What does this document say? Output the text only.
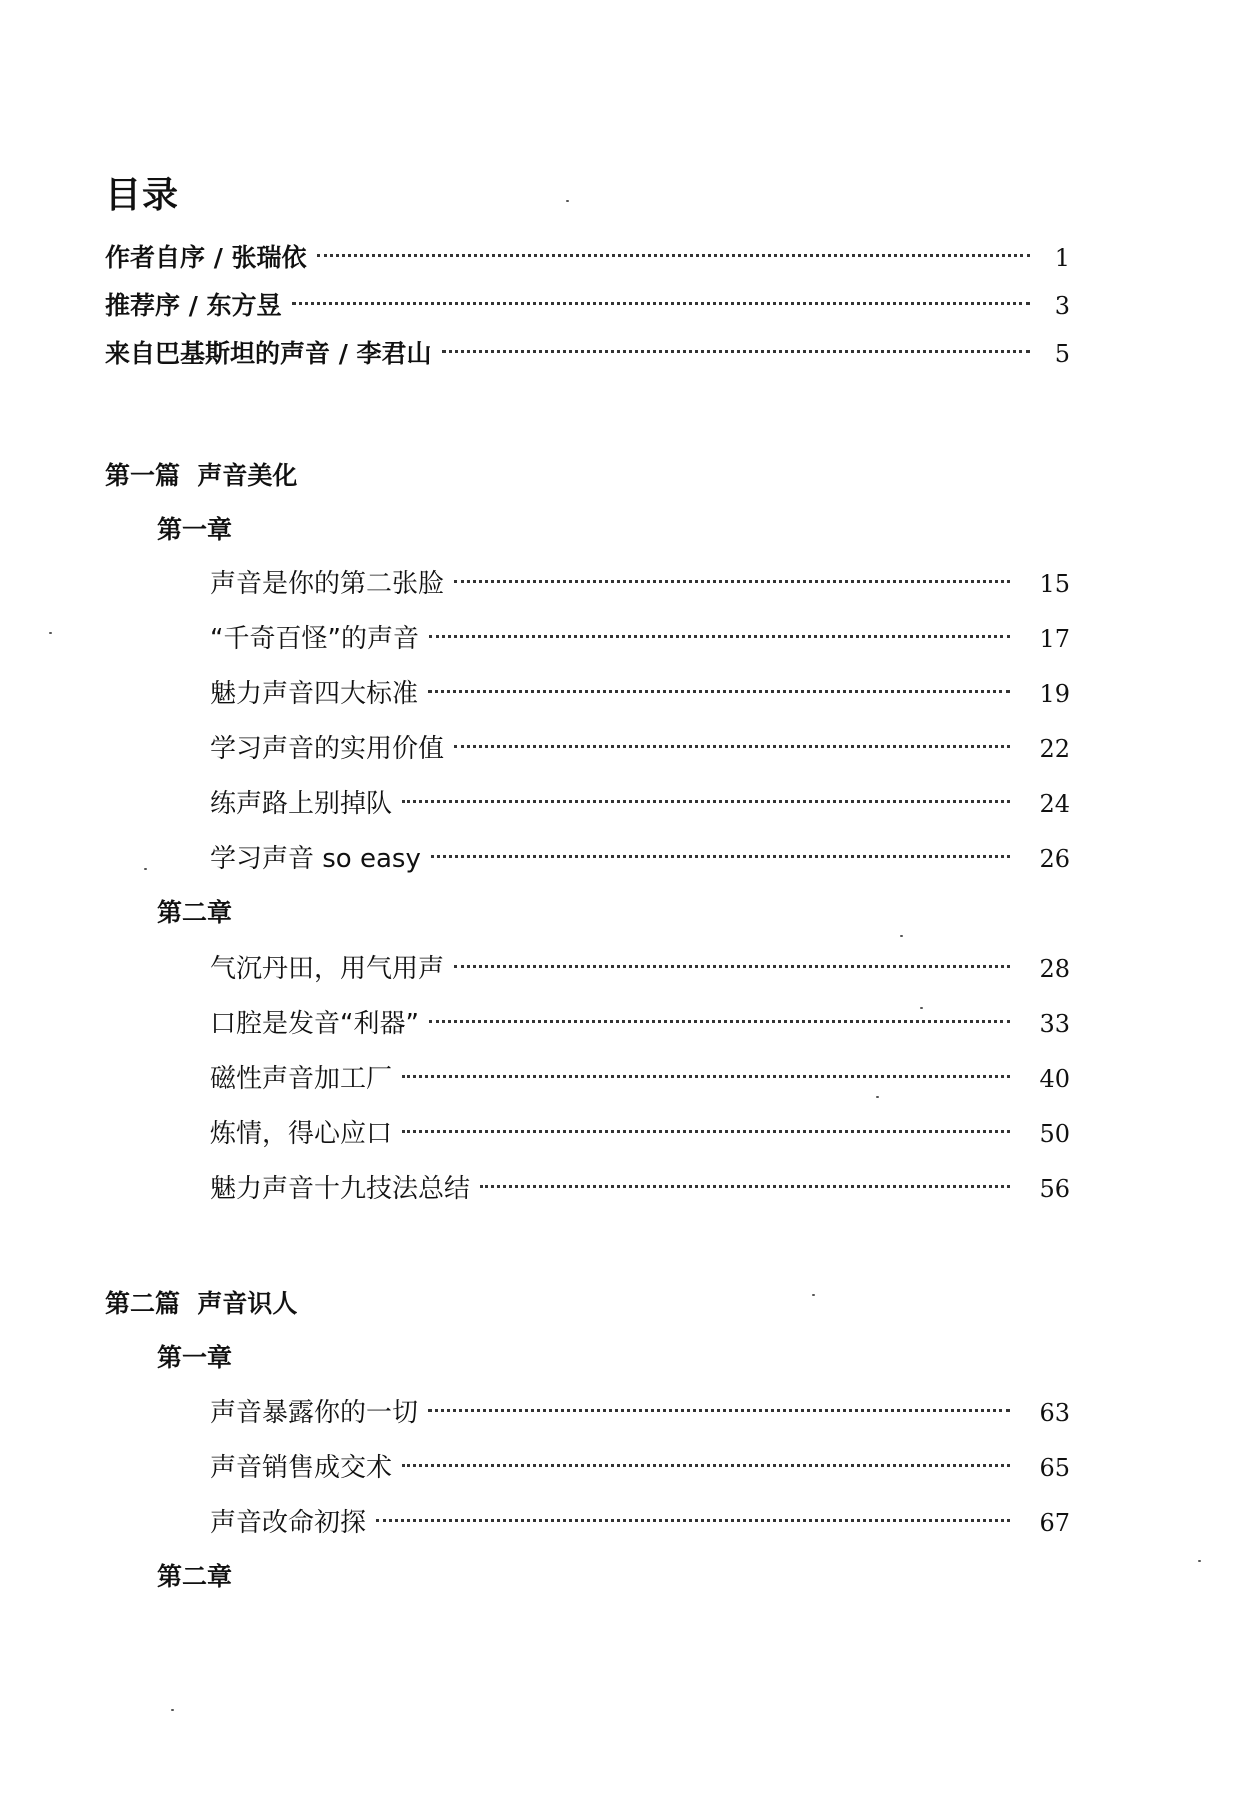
目录
作者自序 / 张瑞依	1
推荐序 / 东方昱	3
来自巴基斯坦的声音 / 李君山	5
第一篇  声音美化
第一章
声音是你的第二张脸	15
“千奇百怪”的声音	17
魅力声音四大标准	19
学习声音的实用价值	22
练声路上别掉队	24
学习声音 so easy	26
第二章
气沉丹田，用气用声	28
口腔是发音“利器”	33
磁性声音加工厂	40
炼情，得心应口	50
魅力声音十九技法总结	56
第二篇  声音识人
第一章
声音暴露你的一切	63
声音销售成交术	65
声音改命初探	67
第二章
